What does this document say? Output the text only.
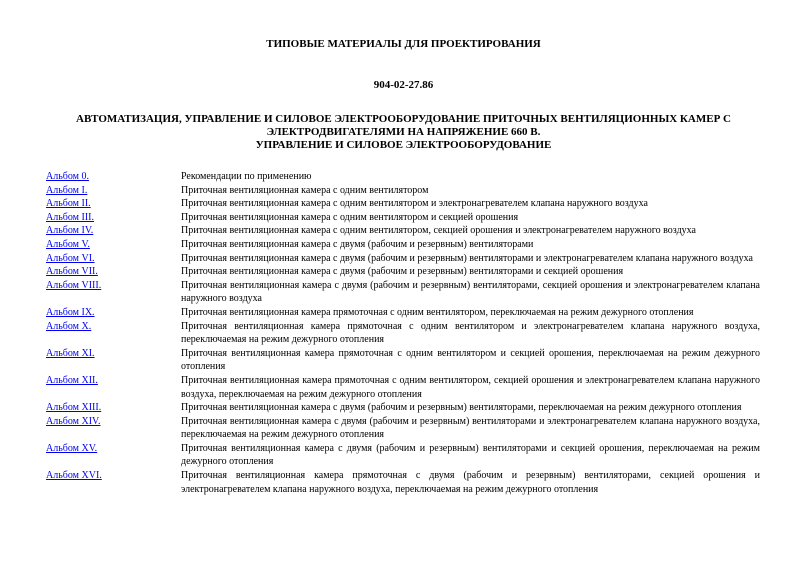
ТИПОВЫЕ МАТЕРИАЛЫ ДЛЯ ПРОЕКТИРОВАНИЯ
904-02-27.86
АВТОМАТИЗАЦИЯ, УПРАВЛЕНИЕ И СИЛОВОЕ ЭЛЕКТРООБОРУДОВАНИЕ ПРИТОЧНЫХ ВЕНТИЛЯЦИОННЫХ КАМЕР С
ЭЛЕКТРОДВИГАТЕЛЯМИ НА НАПРЯЖЕНИЕ 660 В.
УПРАВЛЕНИЕ И СИЛОВОЕ ЭЛЕКТРООБОРУДОВАНИЕ
Альбом 0.	Рекомендации по применению
Альбом I.	Приточная вентиляционная камера с одним вентилятором
Альбом II.	Приточная вентиляционная камера с одним вентилятором и электронагревателем клапана наружного воздуха
Альбом III.	Приточная вентиляционная камера с одним вентилятором и секцией орошения
Альбом IV.	Приточная вентиляционная камера с одним вентилятором, секцией орошения и электронагревателем наружного воздуха
Альбом V.	Приточная вентиляционная камера с двумя (рабочим и резервным) вентиляторами
Альбом VI.	Приточная вентиляционная камера с двумя (рабочим и резервным) вентиляторами и электронагревателем клапана наружного воздуха
Альбом VII.	Приточная вентиляционная камера с двумя (рабочим и резервным) вентиляторами и секцией орошения
Альбом VIII.	Приточная вентиляционная камера с двумя (рабочим и резервным) вентиляторами, секцией орошения и электронагревателем клапана наружного воздуха
Альбом IX.	Приточная вентиляционная камера прямоточная с одним вентилятором, переключаемая на режим дежурного отопления
Альбом X.	Приточная вентиляционная камера прямоточная с одним вентилятором и электронагревателем клапана наружного воздуха, переключаемая на режим дежурного отопления
Альбом XI.	Приточная вентиляционная камера прямоточная с одним вентилятором и секцией орошения, переключаемая на режим дежурного отопления
Альбом XII.	Приточная вентиляционная камера прямоточная с одним вентилятором, секцией орошения и электронагревателем клапана наружного воздуха, переключаемая на режим дежурного отопления
Альбом XIII.	Приточная вентиляционная камера с двумя (рабочим и резервным) вентиляторами, переключаемая на режим дежурного отопления
Альбом XIV.	Приточная вентиляционная камера с двумя (рабочим и резервным) вентиляторами и электронагревателем клапана наружного воздуха, переключаемая на режим дежурного отопления
Альбом XV.	Приточная вентиляционная камера с двумя (рабочим и резервным) вентиляторами и секцией орошения, переключаемая на режим дежурного отопления
Альбом XVI.	Приточная вентиляционная камера прямоточная с двумя (рабочим и резервным) вентиляторами, секцией орошения и электронагревателем клапана наружного воздуха, переключаемая на режим дежурного отопления
